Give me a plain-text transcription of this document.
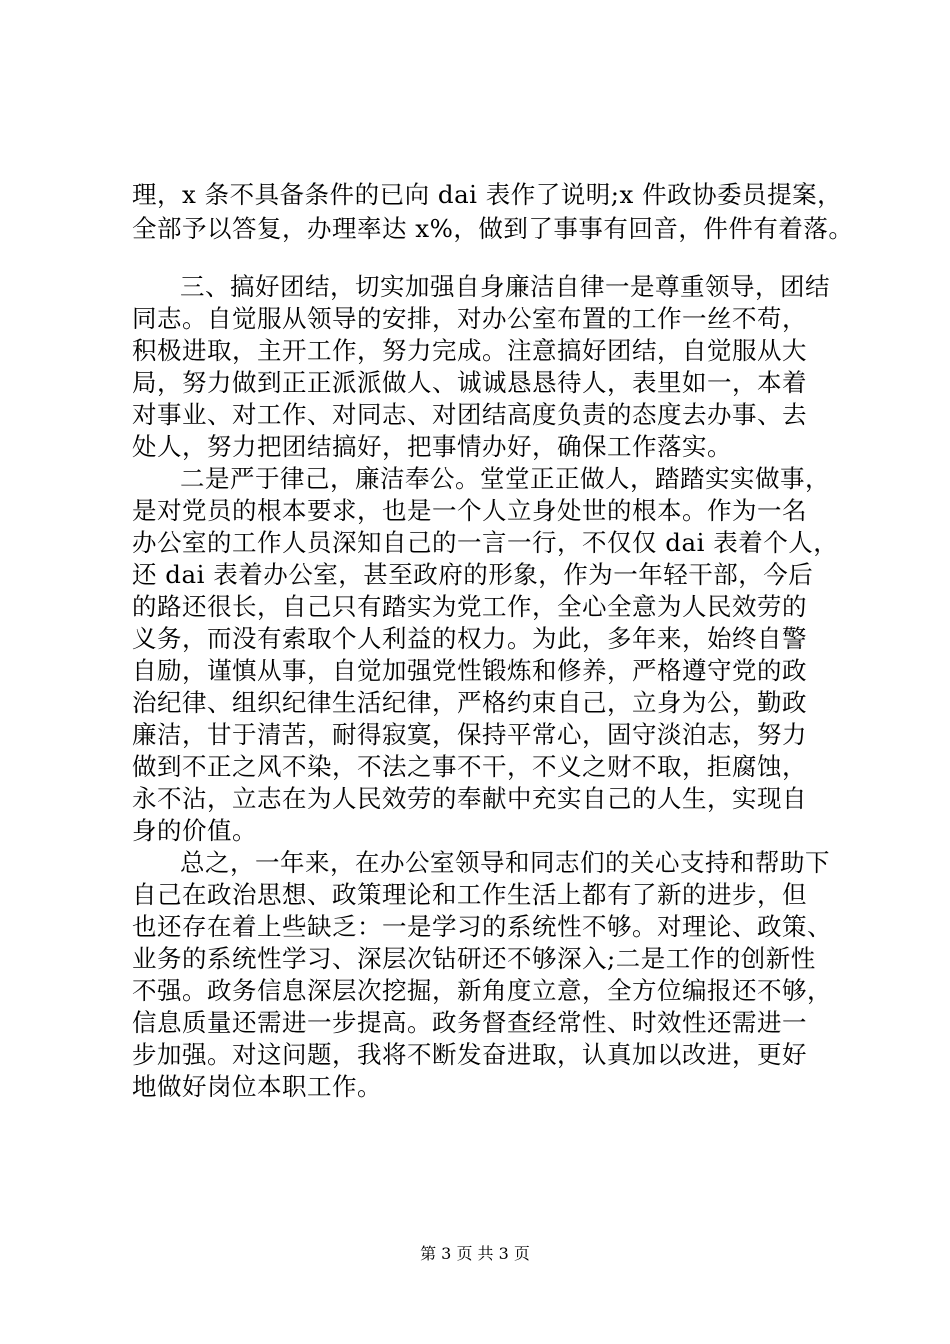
理，x 条不具备条件的已向 dai 表作了说明;x 件政协委员提案，
全部予以答复，办理率达 x%，做到了事事有回音，件件有着落。
三、搞好团结，切实加强自身廉洁自律一是尊重领导，团结
同志。自觉服从领导的安排，对办公室布置的工作一丝不苟，
积极进取，主开工作，努力完成。注意搞好团结，自觉服从大
局，努力做到正正派派做人、诚诚恳恳待人，表里如一，本着
对事业、对工作、对同志、对团结高度负责的态度去办事、去
处人，努力把团结搞好，把事情办好，确保工作落实。
二是严于律己，廉洁奉公。堂堂正正做人，踏踏实实做事，
是对党员的根本要求，也是一个人立身处世的根本。作为一名
办公室的工作人员深知自己的一言一行，不仅仅 dai 表着个人，
还 dai 表着办公室，甚至政府的形象，作为一年轻干部，今后
的路还很长，自己只有踏实为党工作，全心全意为人民效劳的
义务，而没有索取个人利益的权力。为此，多年来，始终自警
自励，谨慎从事，自觉加强党性锻炼和修养，严格遵守党的政
治纪律、组织纪律生活纪律，严格约束自己，立身为公，勤政
廉洁，甘于清苦，耐得寂寞，保持平常心，固守淡泊志，努力
做到不正之风不染，不法之事不干，不义之财不取，拒腐蚀，
永不沾，立志在为人民效劳的奉献中充实自己的人生，实现自
身的价值。
总之，一年来，在办公室领导和同志们的关心支持和帮助下
自己在政治思想、政策理论和工作生活上都有了新的进步，但
也还存在着上些缺乏：一是学习的系统性不够。对理论、政策、
业务的系统性学习、深层次钻研还不够深入;二是工作的创新性
不强。政务信息深层次挖掘，新角度立意，全方位编报还不够，
信息质量还需进一步提高。政务督查经常性、时效性还需进一
步加强。对这问题，我将不断发奋进取，认真加以改进，更好
地做好岗位本职工作。
第 3 页 共 3 页
